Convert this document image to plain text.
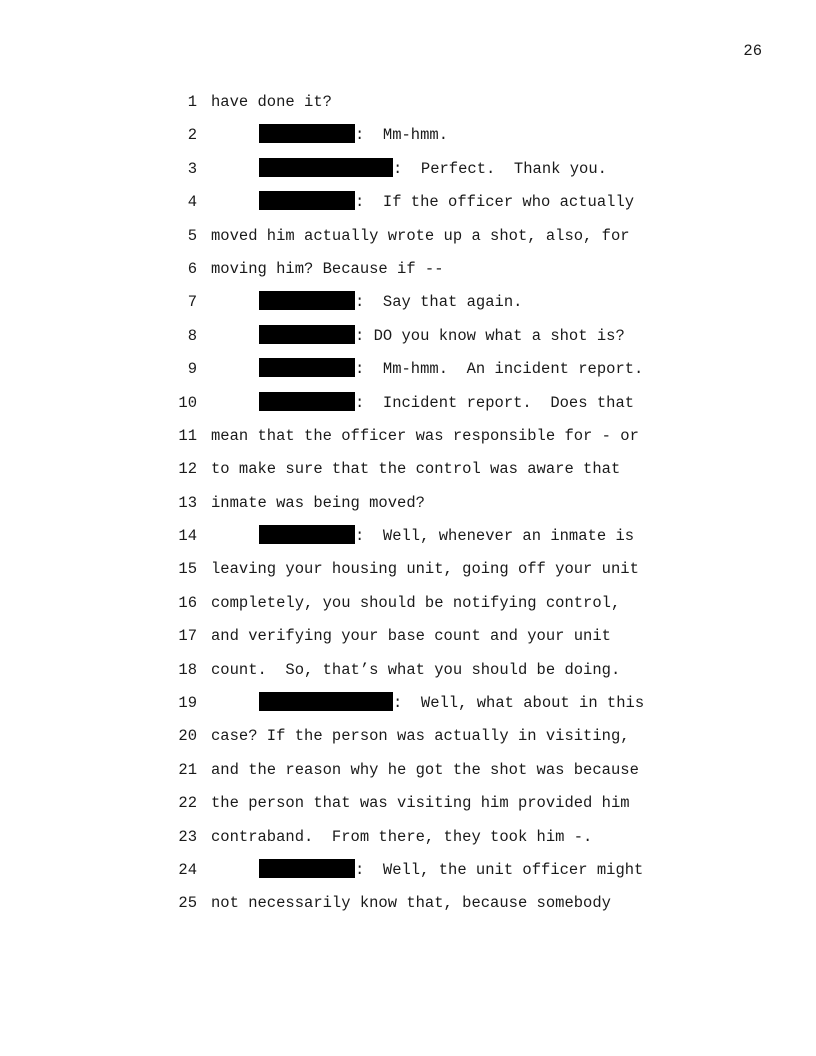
26
1 have done it?
2	:  Mm-hmm.
3	:  Perfect.  Thank you.
4	:  If the officer who actually
5 moved him actually wrote up a shot, also, for
6 moving him? Because if --
7	:  Say that again.
8	: DO you know what a shot is?
9	:  Mm-hmm.  An incident report.
10	:  Incident report.  Does that
11 mean that the officer was responsible for - or
12 to make sure that the control was aware that
13 inmate was being moved?
14	:  Well, whenever an inmate is
15 leaving your housing unit, going off your unit
16 completely, you should be notifying control,
17 and verifying your base count and your unit
18 count.  So, that’s what you should be doing.
19	:  Well, what about in this
20 case? If the person was actually in visiting,
21 and the reason why he got the shot was because
22 the person that was visiting him provided him
23 contraband.  From there, they took him -.
24	:  Well, the unit officer might
25 not necessarily know that, because somebody
